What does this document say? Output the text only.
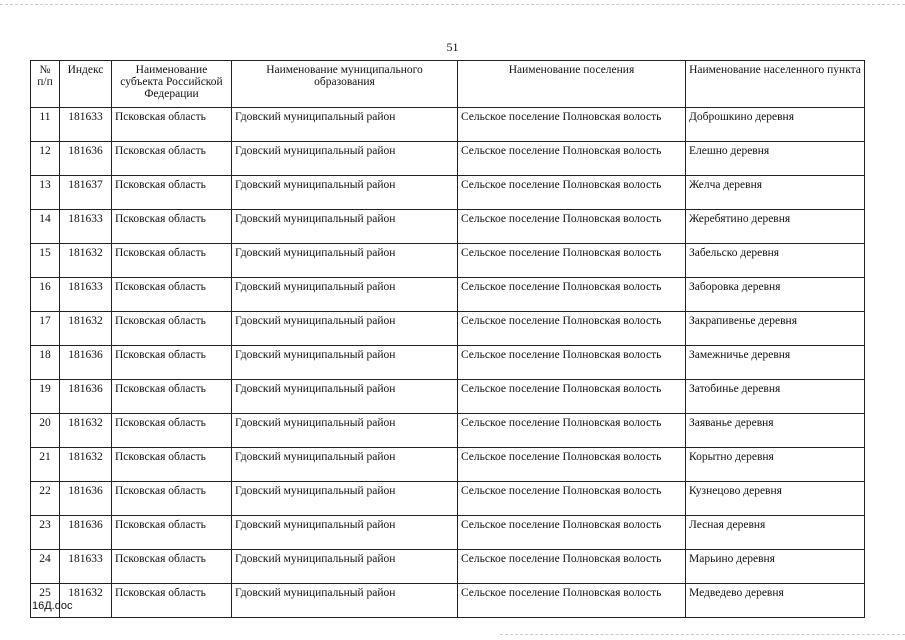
51
№ п/п	Индекс	Наименование субъекта Российской Федерации	Наименование муниципального образования	Наименование поселения	Наименование населенного пункта
11	181633	Псковская область	Гдовский муниципальный район	Сельское поселение Полновская волость	Доброшкино деревня
12	181636	Псковская область	Гдовский муниципальный район	Сельское поселение Полновская волость	Елешно деревня
13	181637	Псковская область	Гдовский муниципальный район	Сельское поселение Полновская волость	Желча деревня
14	181633	Псковская область	Гдовский муниципальный район	Сельское поселение Полновская волость	Жеребятино деревня
15	181632	Псковская область	Гдовский муниципальный район	Сельское поселение Полновская волость	Забельско деревня
16	181633	Псковская область	Гдовский муниципальный район	Сельское поселение Полновская волость	Заборовка деревня
17	181632	Псковская область	Гдовский муниципальный район	Сельское поселение Полновская волость	Закрапивенье деревня
18	181636	Псковская область	Гдовский муниципальный район	Сельское поселение Полновская волость	Замежничье деревня
19	181636	Псковская область	Гдовский муниципальный район	Сельское поселение Полновская волость	Затобинье деревня
20	181632	Псковская область	Гдовский муниципальный район	Сельское поселение Полновская волость	Заяванье деревня
21	181632	Псковская область	Гдовский муниципальный район	Сельское поселение Полновская волость	Корытно деревня
22	181636	Псковская область	Гдовский муниципальный район	Сельское поселение Полновская волость	Кузнецово деревня
23	181636	Псковская область	Гдовский муниципальный район	Сельское поселение Полновская волость	Лесная деревня
24	181633	Псковская область	Гдовский муниципальный район	Сельское поселение Полновская волость	Марьино деревня
25	181632	Псковская область	Гдовский муниципальный район	Сельское поселение Полновская волость	Медведево деревня
16Д.doc
